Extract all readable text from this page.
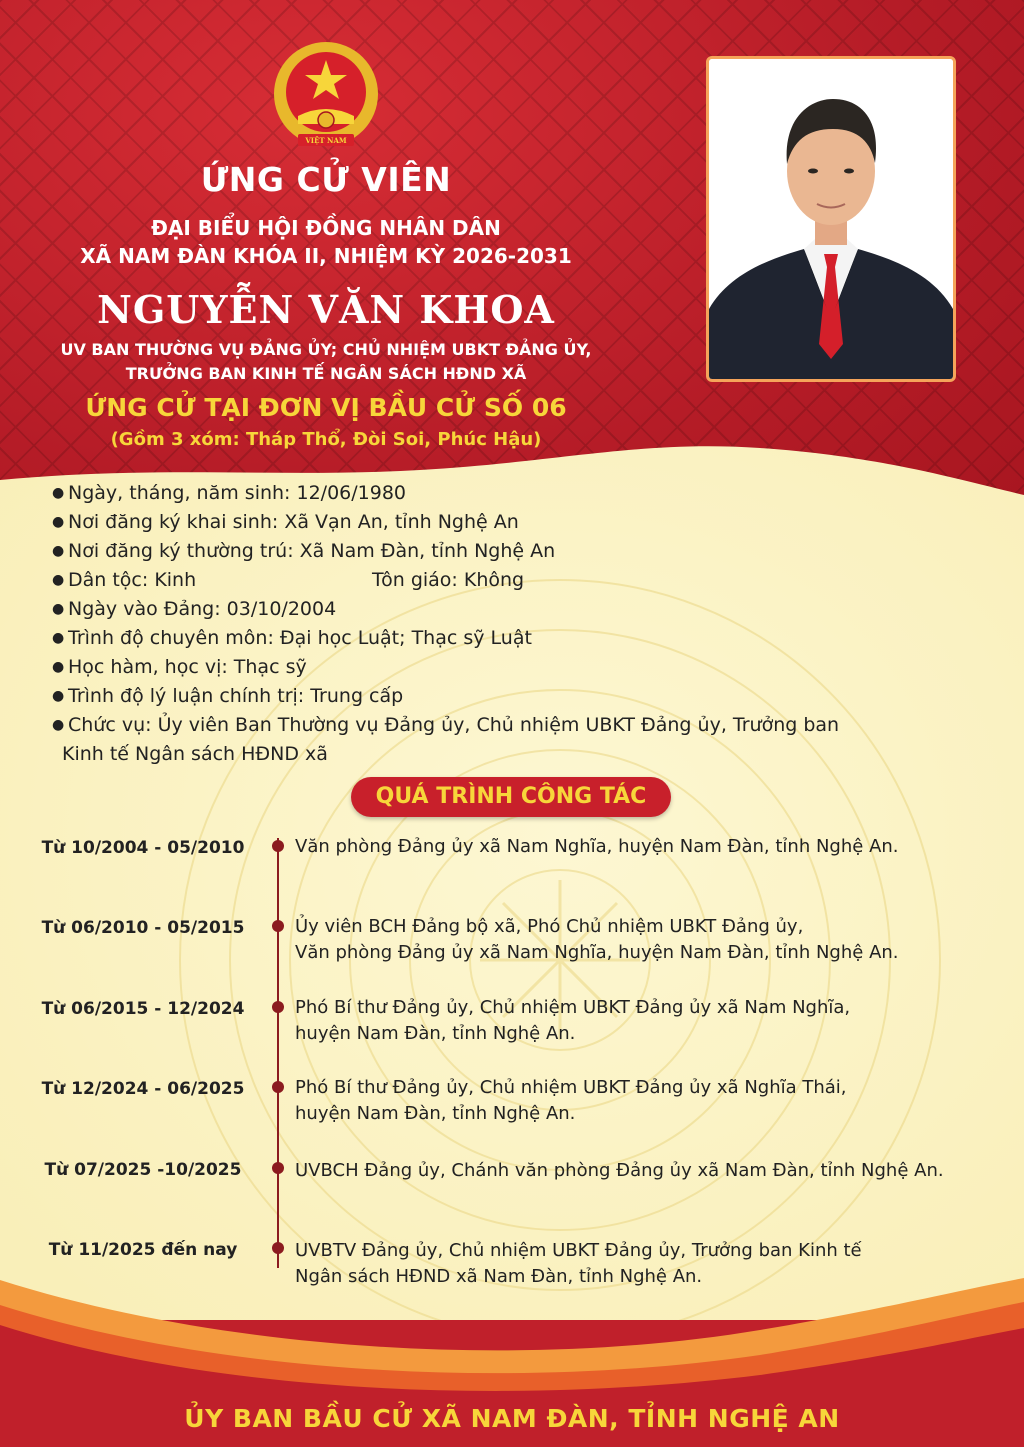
VIỆT NAM
ỨNG CỬ VIÊN
ĐẠI BIỂU HỘI ĐỒNG NHÂN DÂN
XÃ NAM ĐÀN KHÓA II, NHIỆM KỲ 2026-2031
NGUYỄN VĂN KHOA
UV BAN THƯỜNG VỤ ĐẢNG ỦY; CHỦ NHIỆM UBKT ĐẢNG ỦY,
TRƯỞNG BAN KINH TẾ NGÂN SÁCH HĐND XÃ
ỨNG CỬ TẠI ĐƠN VỊ BẦU CỬ SỐ 06
(Gồm 3 xóm: Tháp Thổ, Đòi Soi, Phúc Hậu)
● Ngày, tháng, năm sinh: 12/06/1980
● Nơi đăng ký khai sinh: Xã Vạn An, tỉnh Nghệ An
● Nơi đăng ký thường trú: Xã Nam Đàn, tỉnh Nghệ An
● Dân tộc: Kinh	Tôn giáo: Không
● Ngày vào Đảng: 03/10/2004
● Trình độ chuyên môn: Đại học Luật; Thạc sỹ Luật
● Học hàm, học vị: Thạc sỹ
● Trình độ lý luận chính trị: Trung cấp
● Chức vụ: Ủy viên Ban Thường vụ Đảng ủy, Chủ nhiệm UBKT Đảng ủy, Trưởng ban
Kinh tế Ngân sách HĐND xã
QUÁ TRÌNH CÔNG TÁC
Từ 10/2004 - 05/2010	Văn phòng Đảng ủy xã Nam Nghĩa, huyện Nam Đàn, tỉnh Nghệ An.
Từ 06/2010 - 05/2015	Ủy viên BCH Đảng bộ xã, Phó Chủ nhiệm UBKT Đảng ủy,
Văn phòng Đảng ủy xã Nam Nghĩa, huyện Nam Đàn, tỉnh Nghệ An.
Từ 06/2015 - 12/2024	Phó Bí thư Đảng ủy, Chủ nhiệm UBKT Đảng ủy xã Nam Nghĩa,
huyện Nam Đàn, tỉnh Nghệ An.
Từ 12/2024 - 06/2025	Phó Bí thư Đảng ủy, Chủ nhiệm UBKT Đảng ủy xã Nghĩa Thái,
huyện Nam Đàn, tỉnh Nghệ An.
Từ 07/2025 -10/2025	UVBCH Đảng ủy, Chánh văn phòng Đảng ủy xã Nam Đàn, tỉnh Nghệ An.
Từ 11/2025 đến nay	UVBTV Đảng ủy, Chủ nhiệm UBKT Đảng ủy, Trưởng ban Kinh tế
Ngân sách HĐND xã Nam Đàn, tỉnh Nghệ An.
ỦY BAN BẦU CỬ XÃ NAM ĐÀN, TỈNH NGHỆ AN
